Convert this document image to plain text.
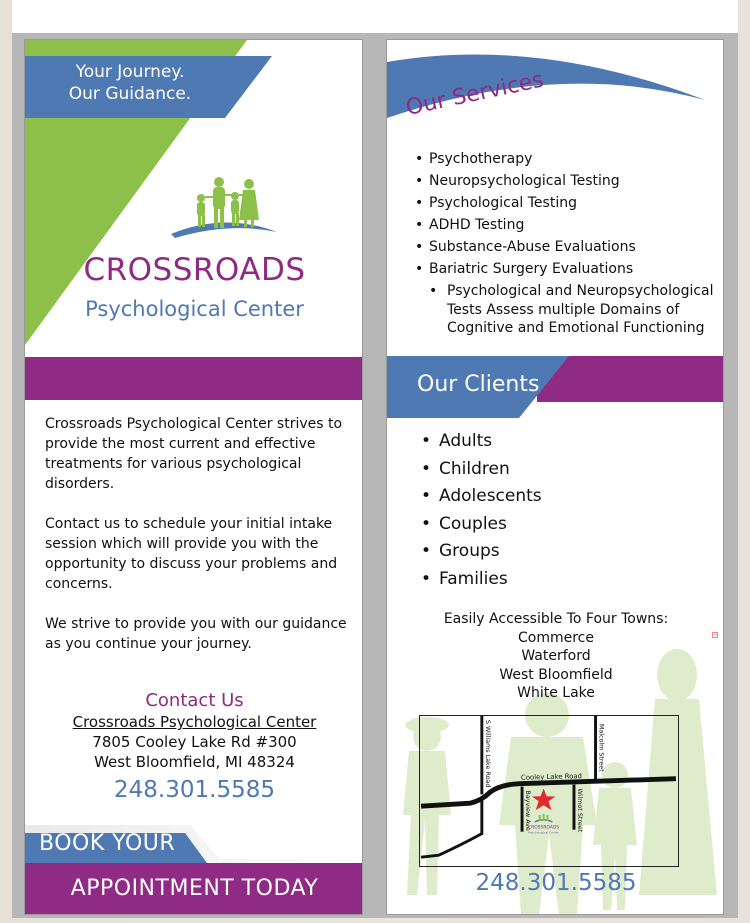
Your Journey.
Our Guidance.
CROSSROADS
Psychological Center

Crossroads Psychological Center strives to provide the most current and effective treatments for various psychological disorders.

Contact us to schedule your initial intake session which will provide you with the opportunity to discuss your problems and concerns.

We strive to provide you with our guidance as you continue your journey.

Contact Us
Crossroads Psychological Center
7805 Cooley Lake Rd #300
West Bloomfield, MI 48324
248.301.5585
BOOK YOUR
APPOINTMENT TODAY
Our Services
• Psychotherapy
• Neuropsychological Testing
• Psychological Testing
• ADHD Testing
• Substance-Abuse Evaluations
• Bariatric Surgery Evaluations
• Psychological and Neuropsychological Tests Assess multiple Domains of Cognitive and Emotional Functioning
Our Clients
• Adults
• Children
• Adolescents
• Couples
• Groups
• Families
Easily Accessible To Four Towns:
Commerce
Waterford
West Bloomfield
White Lake
+
S Williams Lake Road	Malcolm Street
Cooley Lake Road
Bayview Ave	Wilmot Street
CROSSROADS
Psychological Center
248.301.5585
